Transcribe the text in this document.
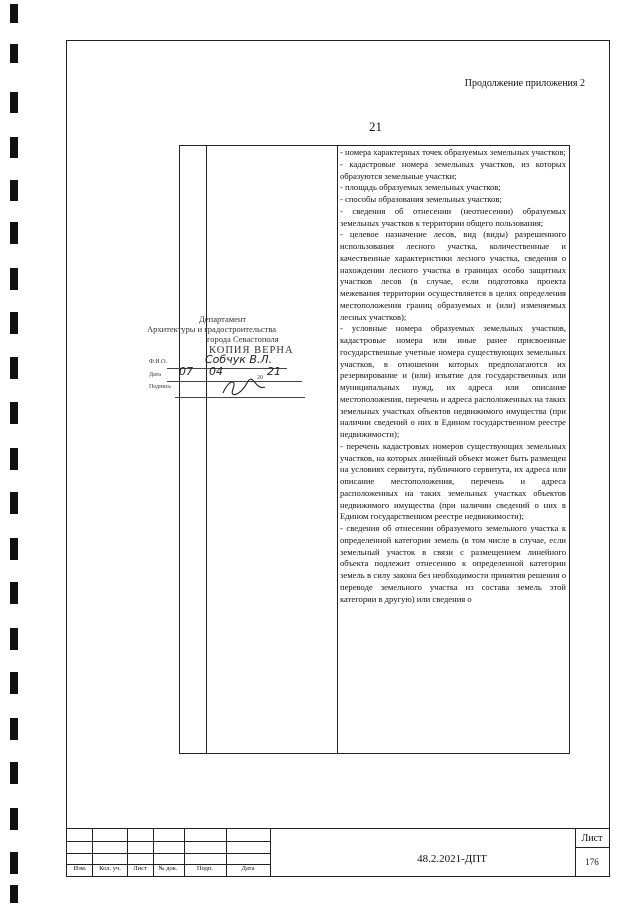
Продолжение приложения 2
21

- номера характерных точек образуемых земельных участков;

- кадастровые номера земельных участков, из которых образуются земельные участки;

- площадь образуемых земельных участков;

- способы образования земельных участков;

- сведения об отнесении (неотнесении) образуемых земельных участков к территории общего пользования;

- целевое назначение лесов, вид (виды) разрешенного использования лесного участка, количественные и качественные характеристики лесного участка, сведения о нахождении лесного участка в границах особо защитных участков лесов (в случае, если подготовка проекта межевания территории осуществляется в целях определения местоположения границ образуемых и (или) изменяемых лесных участков);

- условные номера образуемых земельных участков, кадастровые номера или иные ранее присвоенные государственные учетные номера существующих земельных участков, в отношении которых предполагаются их резервирование и (или) изъятие для государственных или муниципальных нужд, их адреса или описание местоположения, перечень и адреса расположенных на таких земельных участках объектов недвижимого имущества (при наличии сведений о них в Едином государственном реестре недвижимости);

- перечень кадастровых номеров существующих земельных участков, на которых линейный объект может быть размещен на условиях сервитута, публичного сервитута, их адреса или описание местоположения, перечень и адреса расположенных на таких земельных участках объектов недвижимого имущества (при наличии сведений о них в Едином государственном реестре недвижимости);

- сведения об отнесении образуемого земельного участка к определенной категории земель (в том числе в случае, если земельный участок в связи с размещением линейного объекта подлежит отнесению к определенной категории земель в силу закона без необходимости принятия решения о переводе земельного участка из состава земель этой категории в другую) или сведения о

Департамент
Архитектуры и градостроительства
города Севастополя
КОПИЯ ВЕРНА
Ф.И.О.	Собчук В.Л.
Дата 07 04	20 21
Подпись
Изм.	Кол. уч.	Лист	№ док.	Подп.	Дата
48.2.2021-ДПТ
Лист
176
